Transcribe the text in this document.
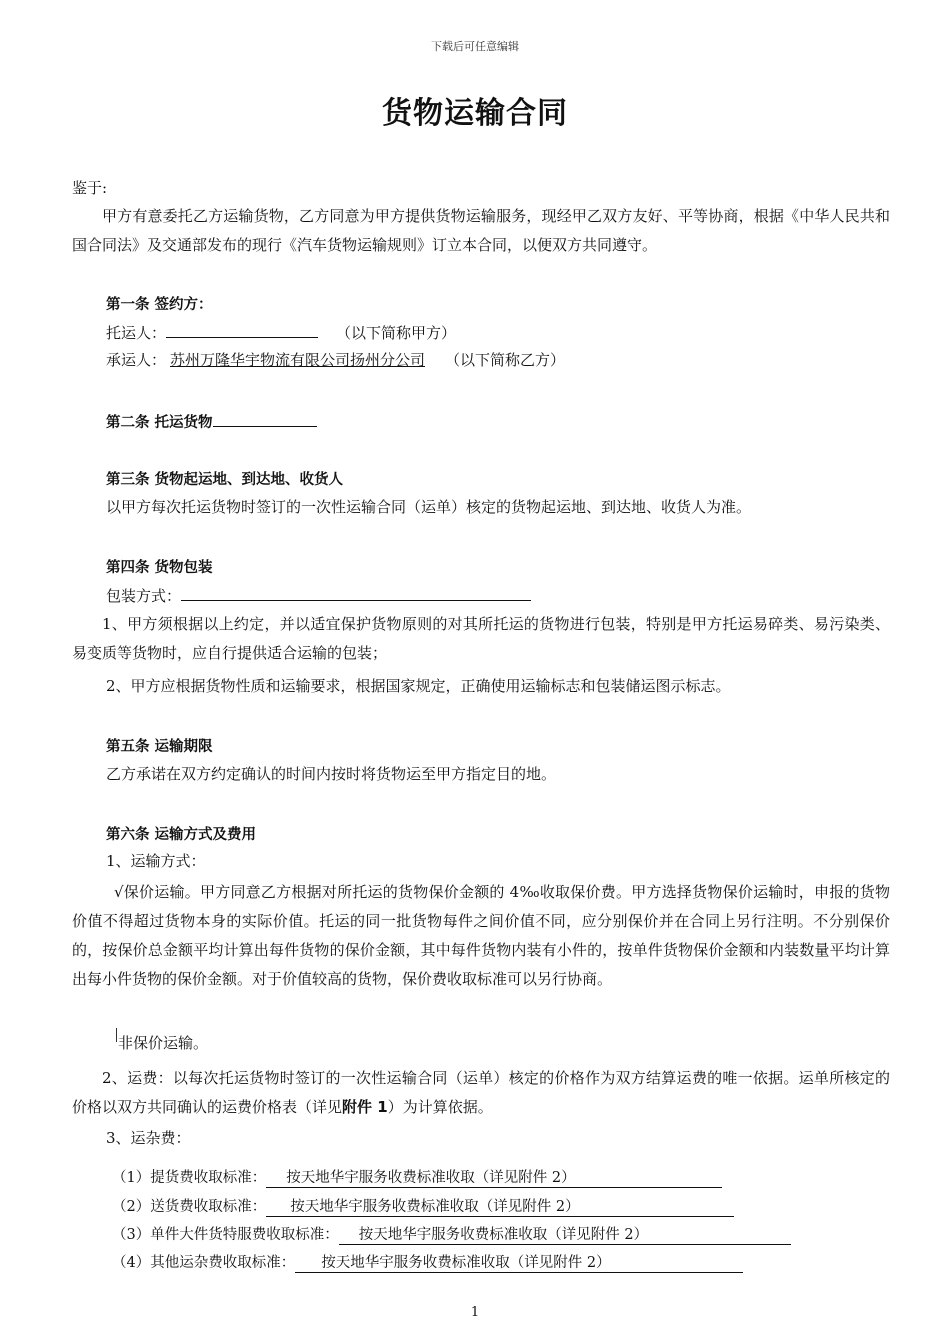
下载后可任意编辑
货物运输合同
鉴于:
甲方有意委托乙方运输货物，乙方同意为甲方提供货物运输服务，现经甲乙双方友好、平等协商，根据《中华人民共和国合同法》及交通部发布的现行《汽车货物运输规则》订立本合同，以便双方共同遵守。
第一条 签约方：
托运人：	（以下简称甲方）
承运人： 苏州万隆华宇物流有限公司扬州分公司 （以下简称乙方）
第二条 托运货物
第三条 货物起运地、到达地、收货人
以甲方每次托运货物时签订的一次性运输合同（运单）核定的货物起运地、到达地、收货人为准。
第四条 货物包装
包装方式：
1、甲方须根据以上约定，并以适宜保护货物原则的对其所托运的货物进行包装，特别是甲方托运易碎类、易污染类、易变质等货物时，应自行提供适合运输的包装；
2、甲方应根据货物性质和运输要求，根据国家规定，正确使用运输标志和包装储运图示标志。
第五条 运输期限
乙方承诺在双方约定确认的时间内按时将货物运至甲方指定目的地。
第六条 运输方式及费用
1、运输方式：
√保价运输。甲方同意乙方根据对所托运的货物保价金额的 4‰收取保价费。甲方选择货物保价运输时，申报的货物价值不得超过货物本身的实际价值。托运的同一批货物每件之间价值不同，应分别保价并在合同上另行注明。不分别保价的，按保价总金额平均计算出每件货物的保价金额，其中每件货物内装有小件的，按单件货物保价金额和内装数量平均计算出每小件货物的保价金额。对于价值较高的货物，保价费收取标准可以另行协商。
非保价运输。
2、运费：以每次托运货物时签订的一次性运输合同（运单）核定的价格作为双方结算运费的唯一依据。运单所核定的价格以双方共同确认的运费价格表（详见附件 1）为计算依据。
3、运杂费：
（1）提货费收取标准： 按天地华宇服务收费标准收取（详见附件 2）
（2）送货费收取标准： 按天地华宇服务收费标准收取（详见附件 2）
（3）单件大件货特服费收取标准： 按天地华宇服务收费标准收取（详见附件 2）
（4）其他运杂费收取标准： 按天地华宇服务收费标准收取（详见附件 2）
1
